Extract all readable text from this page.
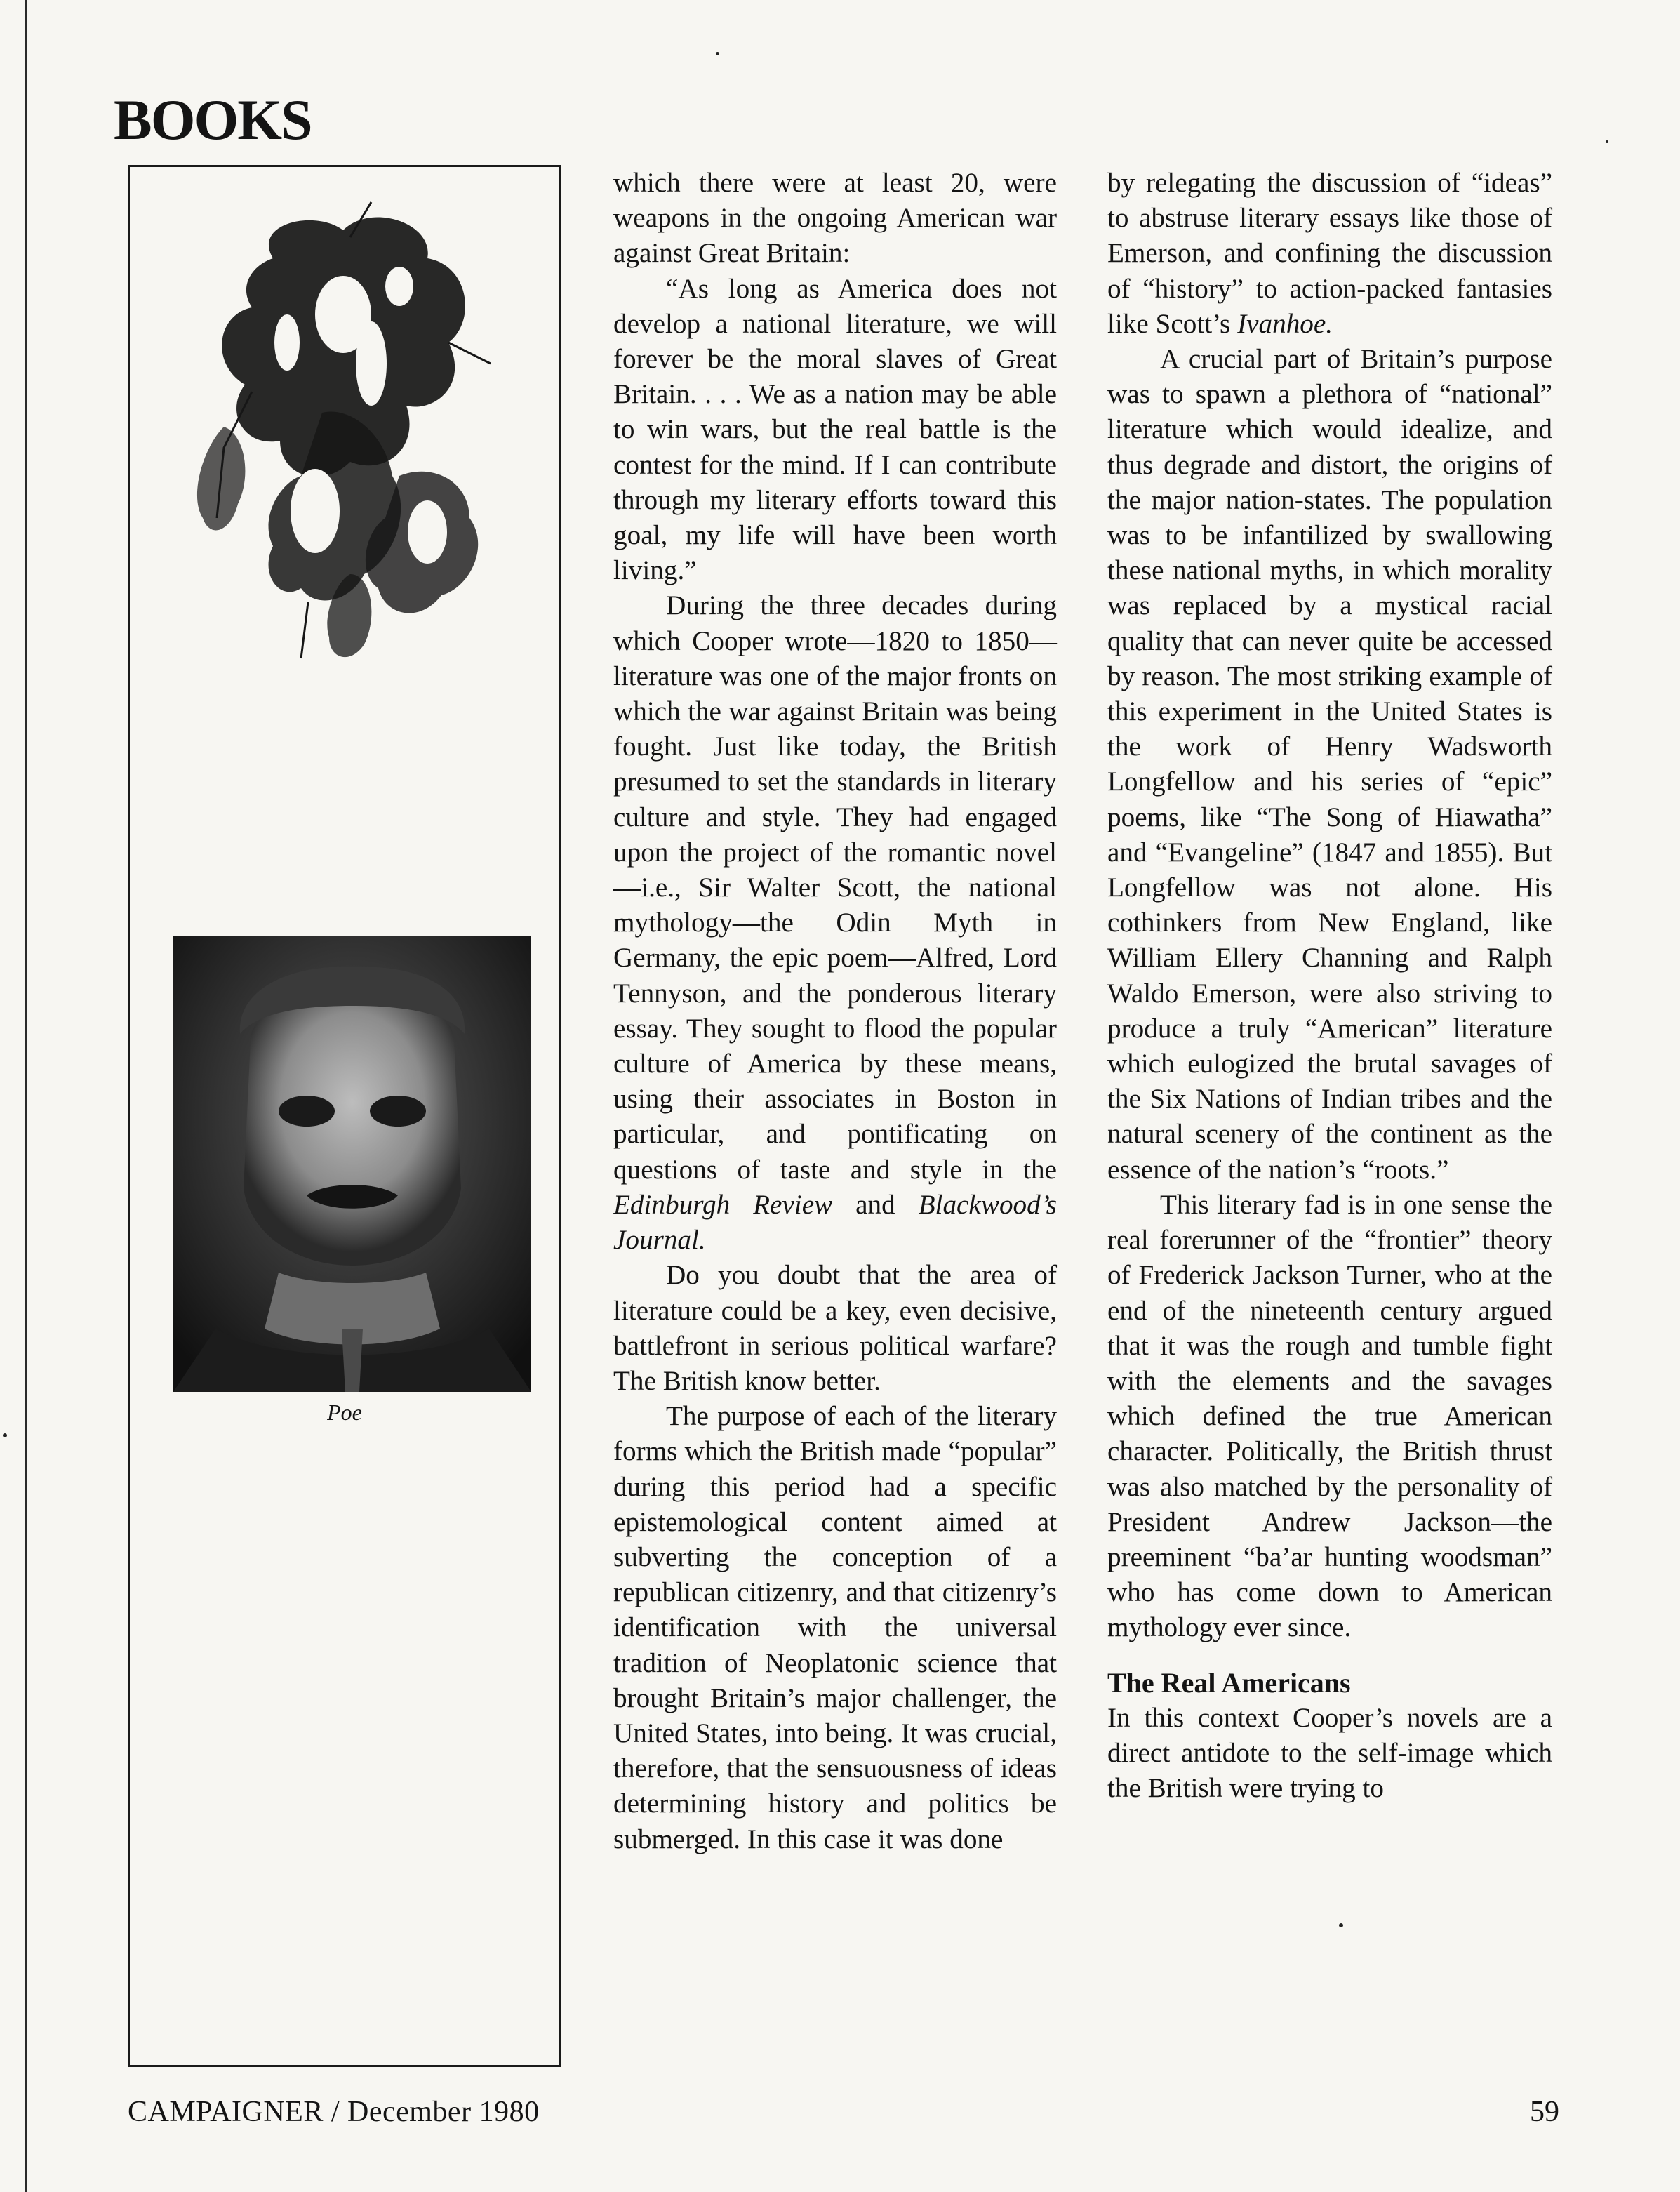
BOOKS
Poe

which there were at least 20, were weapons in the ongoing American war against Great Britain:

“As long as America does not develop a national literature, we will forever be the moral slaves of Great Britain. . . . We as a nation may be able to win wars, but the real battle is the contest for the mind. If I can contribute through my literary efforts toward this goal, my life will have been worth living.”

During the three decades during which Cooper wrote—1820 to 1850—literature was one of the major fronts on which the war against Britain was being fought. Just like today, the British presumed to set the standards in literary culture and style. They had engaged upon the project of the romantic novel—i.e., Sir Walter Scott, the national mythology—the Odin Myth in Germany, the epic poem—Alfred, Lord Tennyson, and the ponderous literary essay. They sought to flood the popular culture of America by these means, using their associates in Boston in particular, and pontificating on questions of taste and style in the Edinburgh Review and Blackwood’s Journal.

Do you doubt that the area of literature could be a key, even decisive, battlefront in serious political warfare? The British know better.

The purpose of each of the literary forms which the British made “popular” during this period had a specific epistemological content aimed at subverting the conception of a republican citizenry, and that citizenry’s identification with the universal tradition of Neoplatonic science that brought Britain’s major challenger, the United States, into being. It was crucial, therefore, that the sensuousness of ideas determining history and politics be submerged. In this case it was done

by relegating the discussion of “ideas” to abstruse literary essays like those of Emerson, and confining the discussion of “history” to action-packed fantasies like Scott’s Ivanhoe.

A crucial part of Britain’s purpose was to spawn a plethora of “national” literature which would idealize, and thus degrade and distort, the origins of the major nation-states. The population was to be infantilized by swallowing these national myths, in which morality was replaced by a mystical racial quality that can never quite be accessed by reason. The most striking example of this experiment in the United States is the work of Henry Wadsworth Longfellow and his series of “epic” poems, like “The Song of Hiawatha” and “Evangeline” (1847 and 1855). But Longfellow was not alone. His cothinkers from New England, like William Ellery Channing and Ralph Waldo Emerson, were also striving to produce a truly “American” literature which eulogized the brutal savages of the Six Nations of Indian tribes and the natural scenery of the continent as the essence of the nation’s “roots.”

This literary fad is in one sense the real forerunner of the “frontier” theory of Frederick Jackson Turner, who at the end of the nineteenth century argued that it was the rough and tumble fight with the elements and the savages which defined the true American character. Politically, the British thrust was also matched by the personality of President Andrew Jackson—the preeminent “ba’ar hunting woodsman” who has come down to American mythology ever since.

The Real Americans

In this context Cooper’s novels are a direct antidote to the self-image which the British were trying to

CAMPAIGNER / December 1980	59
